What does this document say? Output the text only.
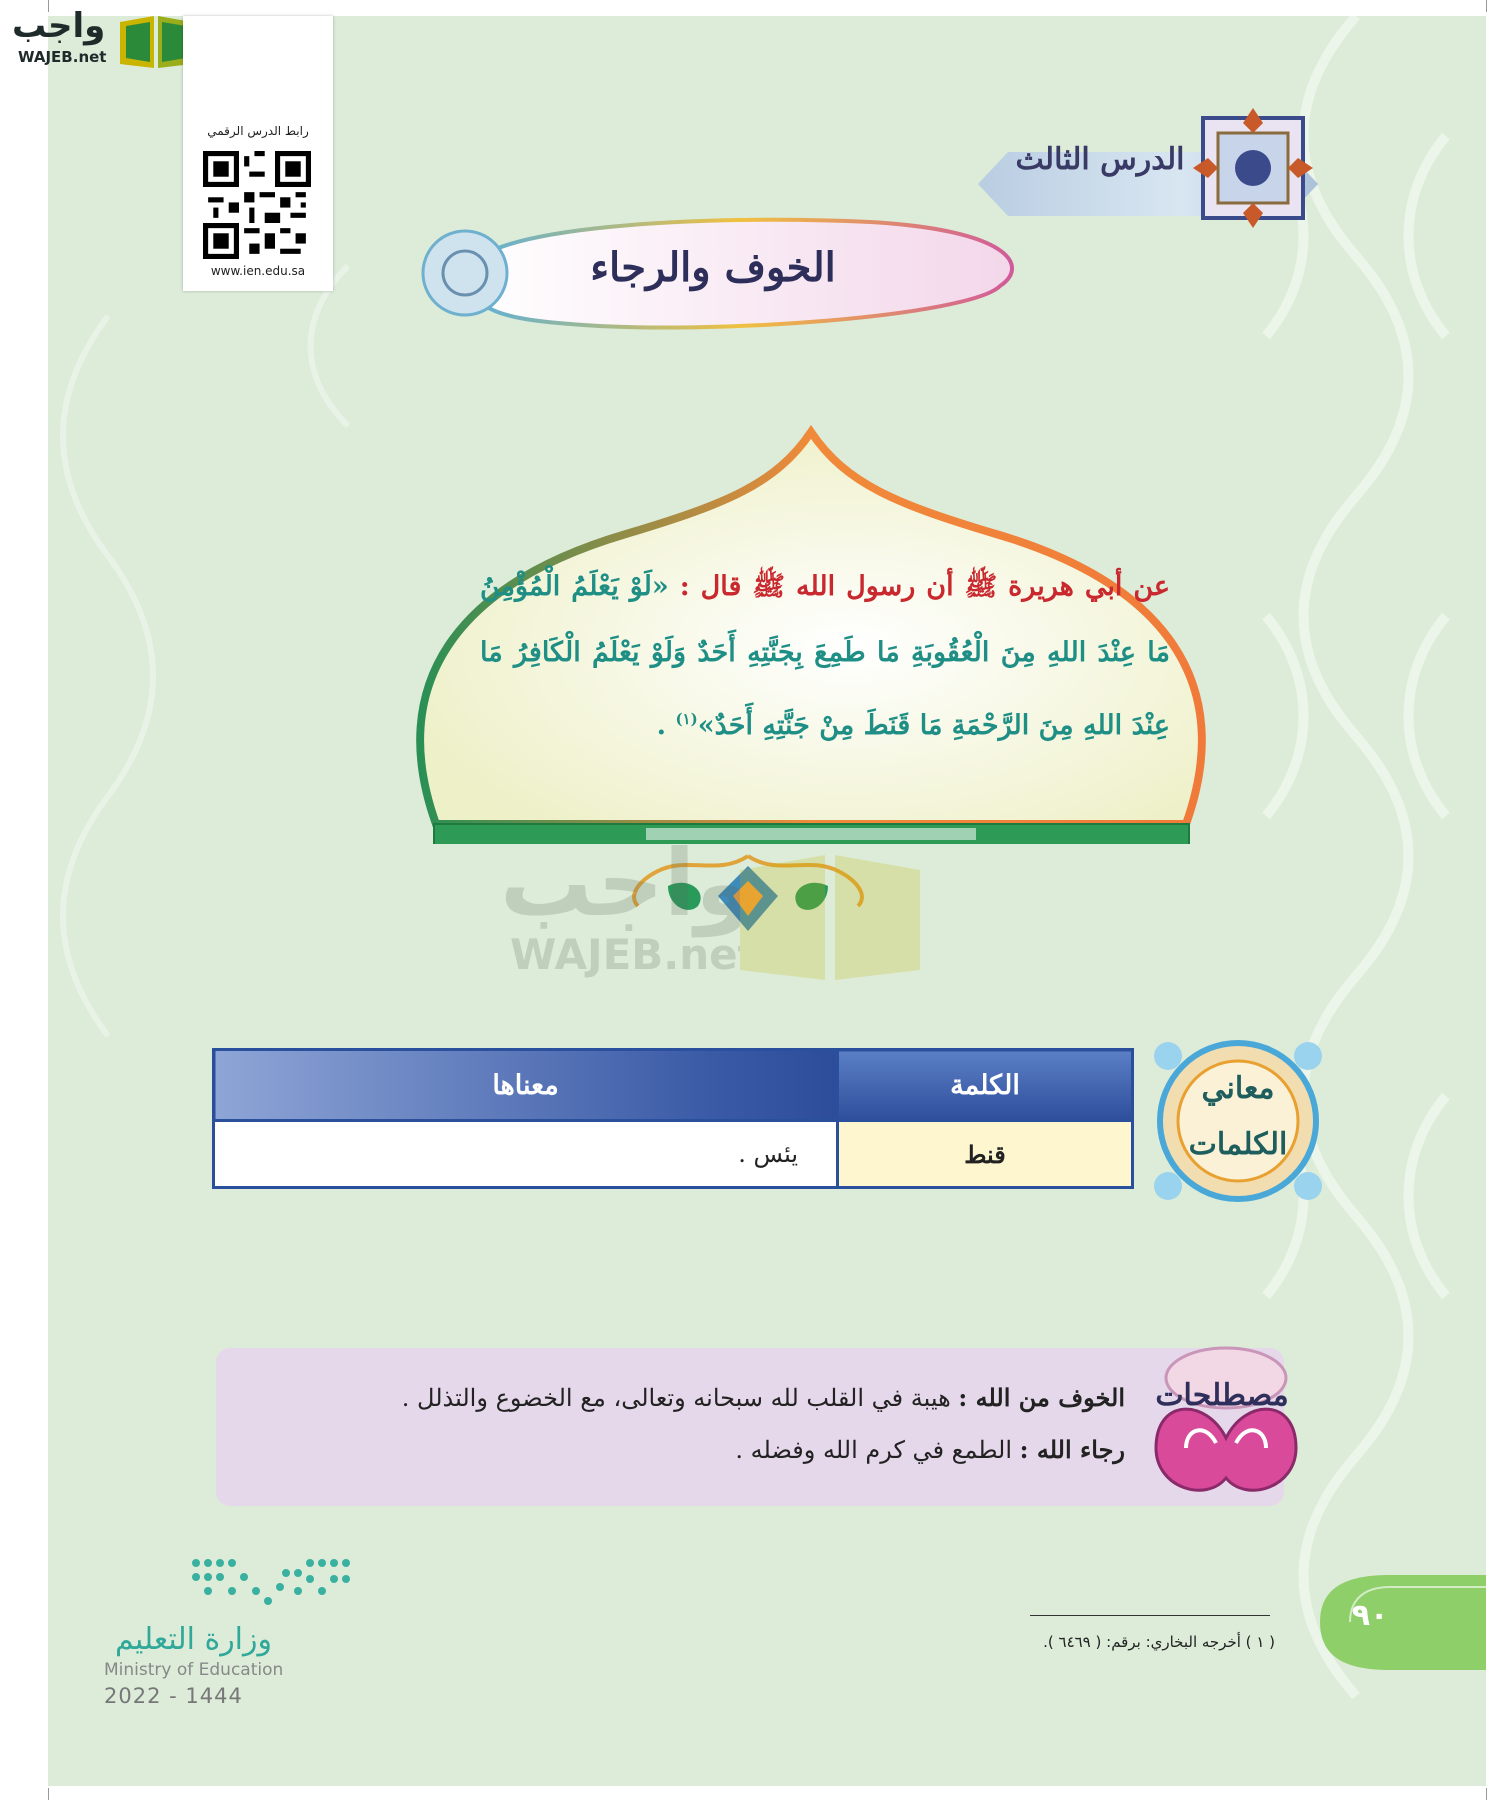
الدرس الثالث
الخوف والرجاء
عن أبي هريرة ﷺ أن رسول الله ﷺ قال : «لَوْ يَعْلَمُ الْمُؤْمِنُ مَا عِنْدَ اللهِ مِنَ الْعُقُوبَةِ مَا طَمِعَ بِجَنَّتِهِ أَحَدٌ وَلَوْ يَعْلَمُ الْكَافِرُ مَا عِنْدَ اللهِ مِنَ الرَّحْمَةِ مَا قَنَطَ مِنْ جَنَّتِهِ أَحَدٌ»$^{(١)}$ .
واجب
WAJEB.net
معاني
الكلمات
الكلمة	معناها
قنط	يئس .
مصطلحات
الخوف من الله : هيبة في القلب لله سبحانه وتعالى، مع الخضوع والتذلل .
رجاء الله : الطمع في كرم الله وفضله .
وزارة التعليم
Ministry of Education
2022 - 1444
( ١ ) أخرجه البخاري: برقم: ( ٦٤٦٩ ).
٩٠
واجب
WAJEB.net
رابط الدرس الرقمي
www.ien.edu.sa
